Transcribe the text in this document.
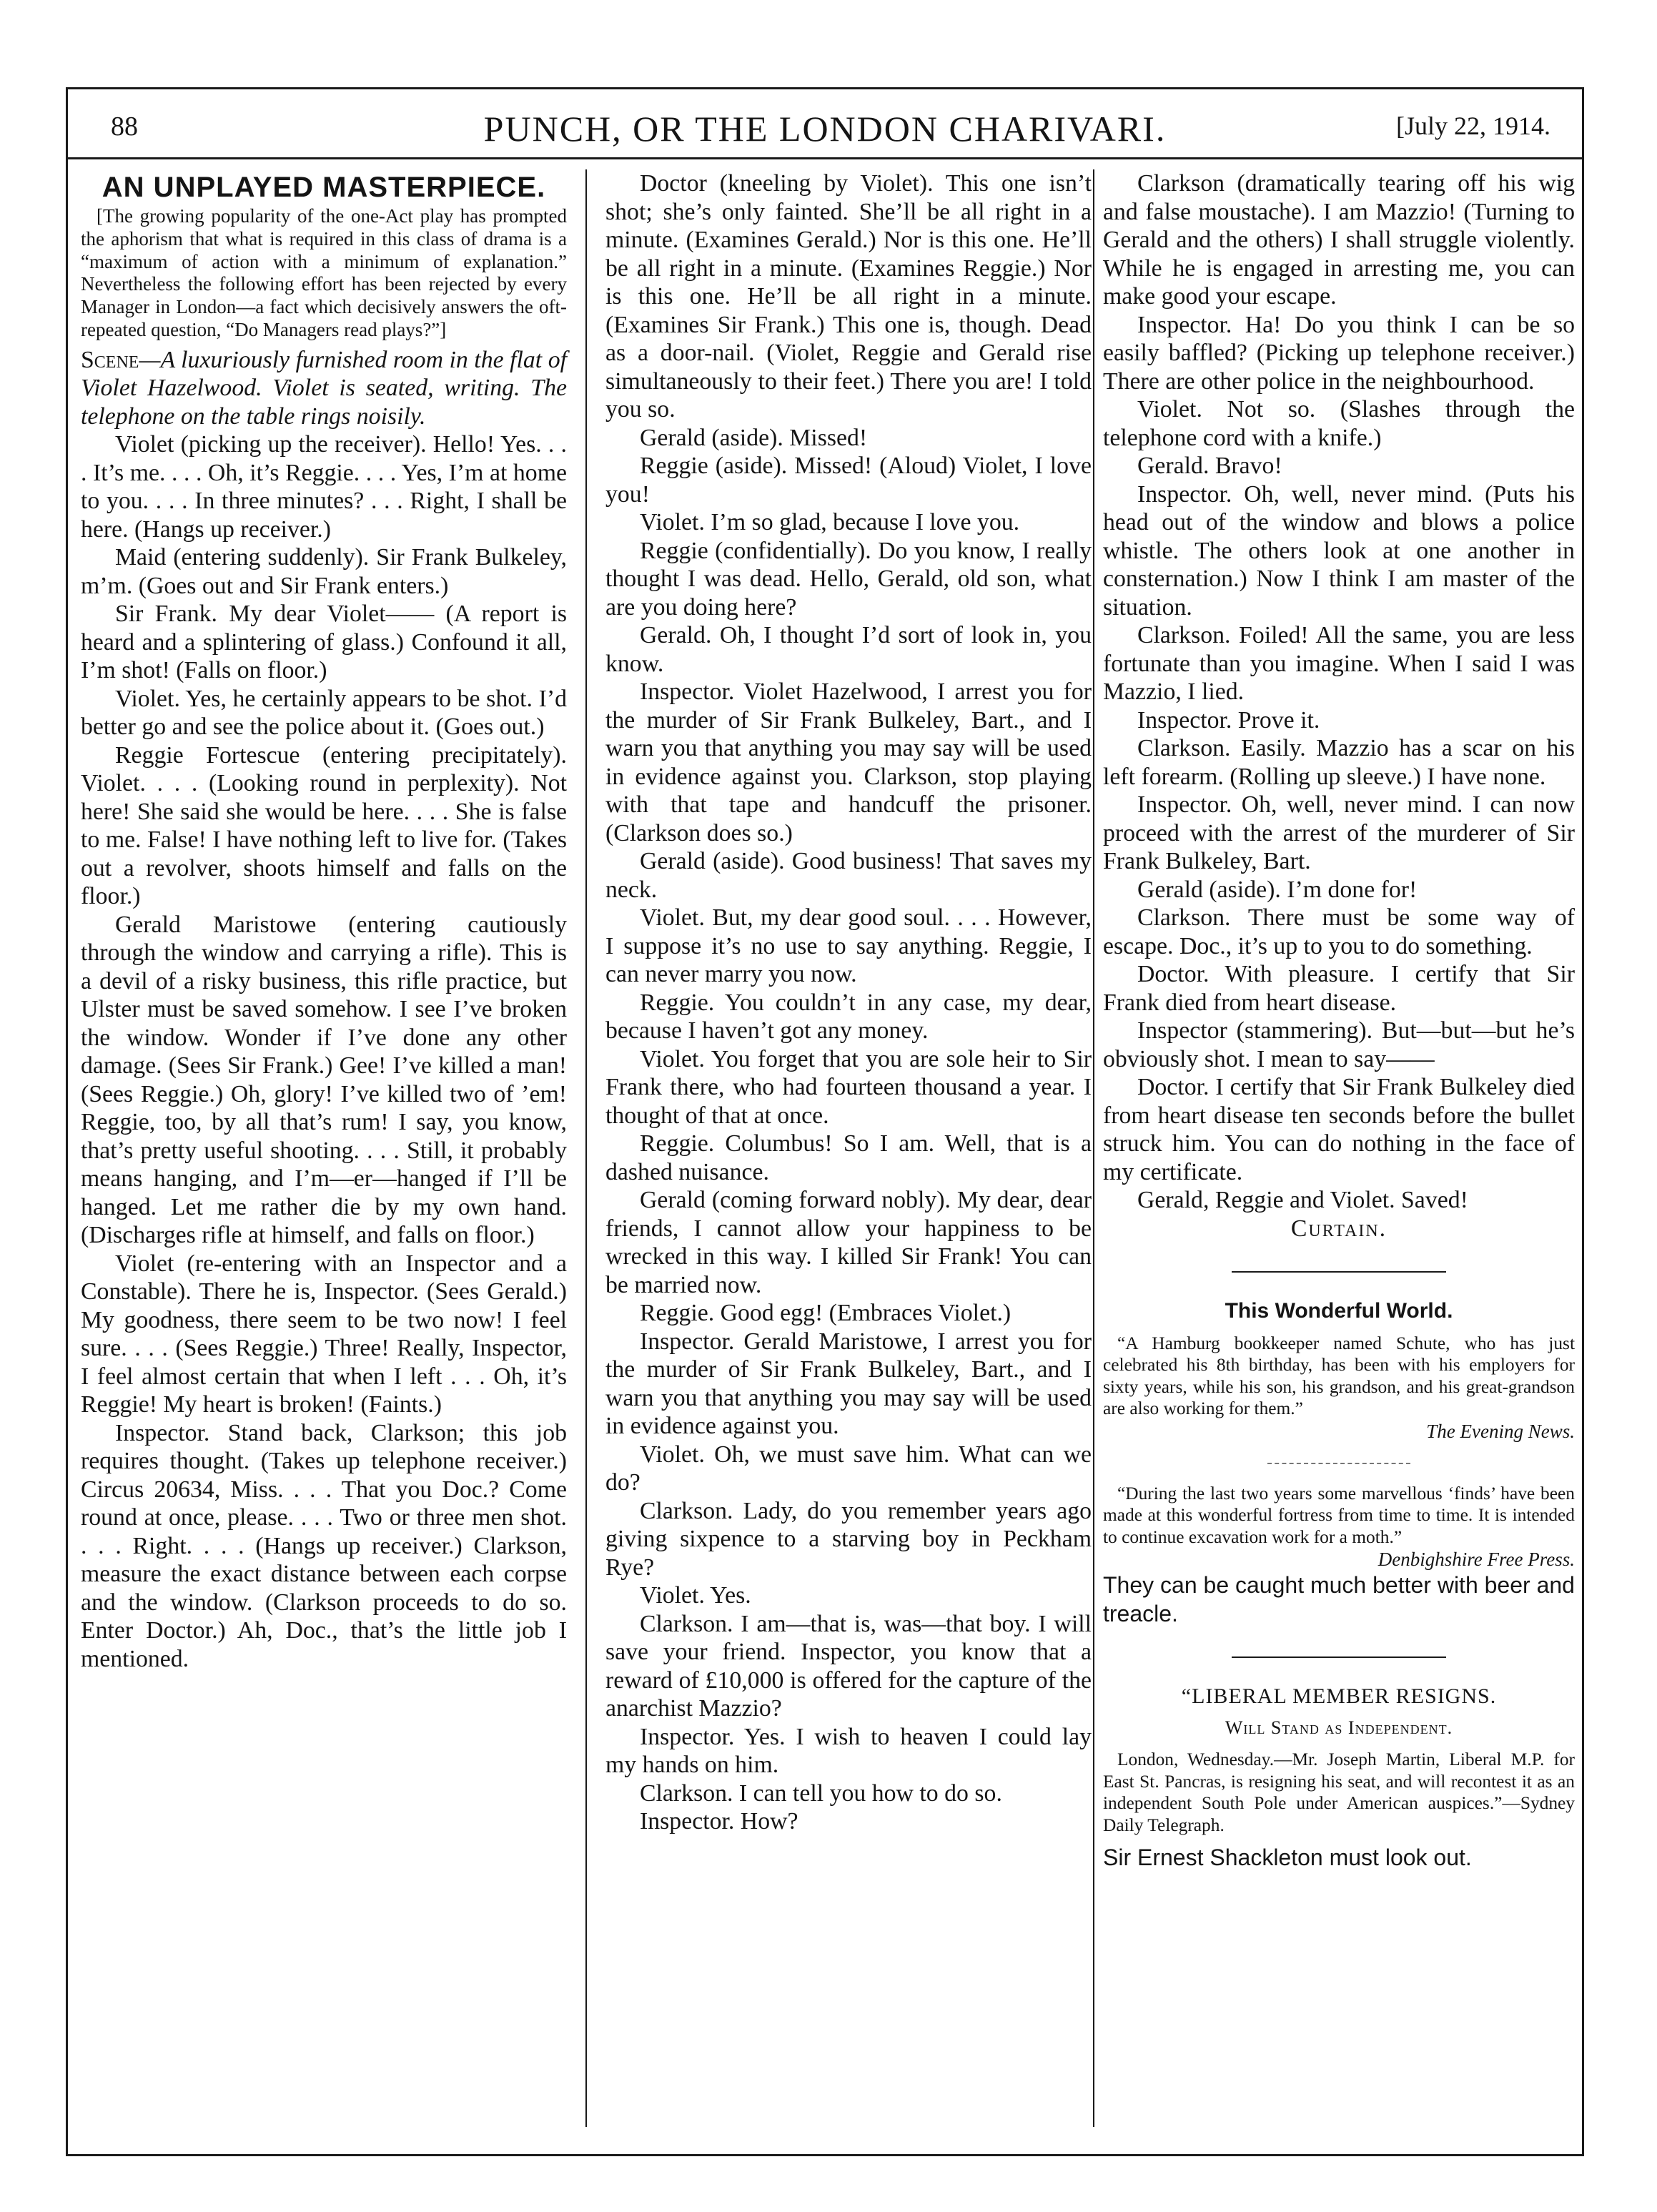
88	PUNCH, OR THE LONDON CHARIVARI.	[July 22, 1914.

AN UNPLAYED MASTERPIECE.

[The growing popularity of the one-Act play has prompted the aphorism that what is required in this class of drama is a “maximum of action with a minimum of explanation.” Nevertheless the following effort has been rejected by every Manager in London—a fact which decisively answers the oft-repeated question, “Do Managers read plays?”]

Scene—A luxuriously furnished room in the flat of Violet Hazelwood. Violet is seated, writing. The telephone on the table rings noisily.

Violet (picking up the receiver). Hello! Yes. . . . It’s me. . . . Oh, it’s Reggie. . . . Yes, I’m at home to you. . . . In three minutes? . . . Right, I shall be here. (Hangs up receiver.)

Maid (entering suddenly). Sir Frank Bulkeley, m’m. (Goes out and Sir Frank enters.)

Sir Frank. My dear Violet—— (A report is heard and a splintering of glass.) Confound it all, I’m shot! (Falls on floor.)

Violet. Yes, he certainly appears to be shot. I’d better go and see the police about it. (Goes out.)

Reggie Fortescue (entering precipitately). Violet. . . . (Looking round in perplexity). Not here! She said she would be here. . . . She is false to me. False! I have nothing left to live for. (Takes out a revolver, shoots himself and falls on the floor.)

Gerald Maristowe (entering cautiously through the window and carrying a rifle). This is a devil of a risky business, this rifle practice, but Ulster must be saved somehow. I see I’ve broken the window. Wonder if I’ve done any other damage. (Sees Sir Frank.) Gee! I’ve killed a man! (Sees Reggie.) Oh, glory! I’ve killed two of ’em! Reggie, too, by all that’s rum! I say, you know, that’s pretty useful shooting. . . . Still, it probably means hanging, and I’m—er—hanged if I’ll be hanged. Let me rather die by my own hand. (Discharges rifle at himself, and falls on floor.)

Violet (re-entering with an Inspector and a Constable). There he is, Inspector. (Sees Gerald.) My goodness, there seem to be two now! I feel sure. . . . (Sees Reggie.) Three! Really, Inspector, I feel almost certain that when I left . . . Oh, it’s Reggie! My heart is broken! (Faints.)

Inspector. Stand back, Clarkson; this job requires thought. (Takes up telephone receiver.) Circus 20634, Miss. . . . That you Doc.? Come round at once, please. . . . Two or three men shot. . . . Right. . . . (Hangs up receiver.) Clarkson, measure the exact distance between each corpse and the window. (Clarkson proceeds to do so. Enter Doctor.) Ah, Doc., that’s the little job I mentioned.

Doctor (kneeling by Violet). This one isn’t shot; she’s only fainted. She’ll be all right in a minute. (Examines Gerald.) Nor is this one. He’ll be all right in a minute. (Examines Reggie.) Nor is this one. He’ll be all right in a minute. (Examines Sir Frank.) This one is, though. Dead as a door-nail. (Violet, Reggie and Gerald rise simultaneously to their feet.) There you are! I told you so.

Gerald (aside). Missed!

Reggie (aside). Missed! (Aloud) Violet, I love you!

Violet. I’m so glad, because I love you.

Reggie (confidentially). Do you know, I really thought I was dead. Hello, Gerald, old son, what are you doing here?

Gerald. Oh, I thought I’d sort of look in, you know.

Inspector. Violet Hazelwood, I arrest you for the murder of Sir Frank Bulkeley, Bart., and I warn you that anything you may say will be used in evidence against you. Clarkson, stop playing with that tape and handcuff the prisoner. (Clarkson does so.)

Gerald (aside). Good business! That saves my neck.

Violet. But, my dear good soul. . . . However, I suppose it’s no use to say anything. Reggie, I can never marry you now.

Reggie. You couldn’t in any case, my dear, because I haven’t got any money.

Violet. You forget that you are sole heir to Sir Frank there, who had fourteen thousand a year. I thought of that at once.

Reggie. Columbus! So I am. Well, that is a dashed nuisance.

Gerald (coming forward nobly). My dear, dear friends, I cannot allow your happiness to be wrecked in this way. I killed Sir Frank! You can be married now.

Reggie. Good egg! (Embraces Violet.)

Inspector. Gerald Maristowe, I arrest you for the murder of Sir Frank Bulkeley, Bart., and I warn you that anything you may say will be used in evidence against you.

Violet. Oh, we must save him. What can we do?

Clarkson. Lady, do you remember years ago giving sixpence to a starving boy in Peckham Rye?

Violet. Yes.

Clarkson. I am—that is, was—that boy. I will save your friend. Inspector, you know that a reward of £10,000 is offered for the capture of the anarchist Mazzio?

Inspector. Yes. I wish to heaven I could lay my hands on him.

Clarkson. I can tell you how to do so.

Inspector. How?

Clarkson (dramatically tearing off his wig and false moustache). I am Mazzio! (Turning to Gerald and the others) I shall struggle violently. While he is engaged in arresting me, you can make good your escape.

Inspector. Ha! Do you think I can be so easily baffled? (Picking up telephone receiver.) There are other police in the neighbourhood.

Violet. Not so. (Slashes through the telephone cord with a knife.)

Gerald. Bravo!

Inspector. Oh, well, never mind. (Puts his head out of the window and blows a police whistle. The others look at one another in consternation.) Now I think I am master of the situation.

Clarkson. Foiled! All the same, you are less fortunate than you imagine. When I said I was Mazzio, I lied.

Inspector. Prove it.

Clarkson. Easily. Mazzio has a scar on his left forearm. (Rolling up sleeve.) I have none.

Inspector. Oh, well, never mind. I can now proceed with the arrest of the murderer of Sir Frank Bulkeley, Bart.

Gerald (aside). I’m done for!

Clarkson. There must be some way of escape. Doc., it’s up to you to do something.

Doctor. With pleasure. I certify that Sir Frank died from heart disease.

Inspector (stammering). But—but—but he’s obviously shot. I mean to say——

Doctor. I certify that Sir Frank Bulkeley died from heart disease ten seconds before the bullet struck him. You can do nothing in the face of my certificate.

Gerald, Reggie and Violet. Saved!

Curtain.

This Wonderful World.

“A Hamburg bookkeeper named Schute, who has just celebrated his 8th birthday, has been with his employers for sixty years, while his son, his grandson, and his great-grandson are also working for them.”

The Evening News.

“During the last two years some marvellous ‘finds’ have been made at this wonderful fortress from time to time. It is intended to continue excavation work for a moth.”

Denbighshire Free Press.

They can be caught much better with beer and treacle.

“LIBERAL MEMBER RESIGNS.

Will Stand as Independent.

London, Wednesday.—Mr. Joseph Martin, Liberal M.P. for East St. Pancras, is resigning his seat, and will recontest it as an independent South Pole under American auspices.”—Sydney Daily Telegraph.

Sir Ernest Shackleton must look out.
